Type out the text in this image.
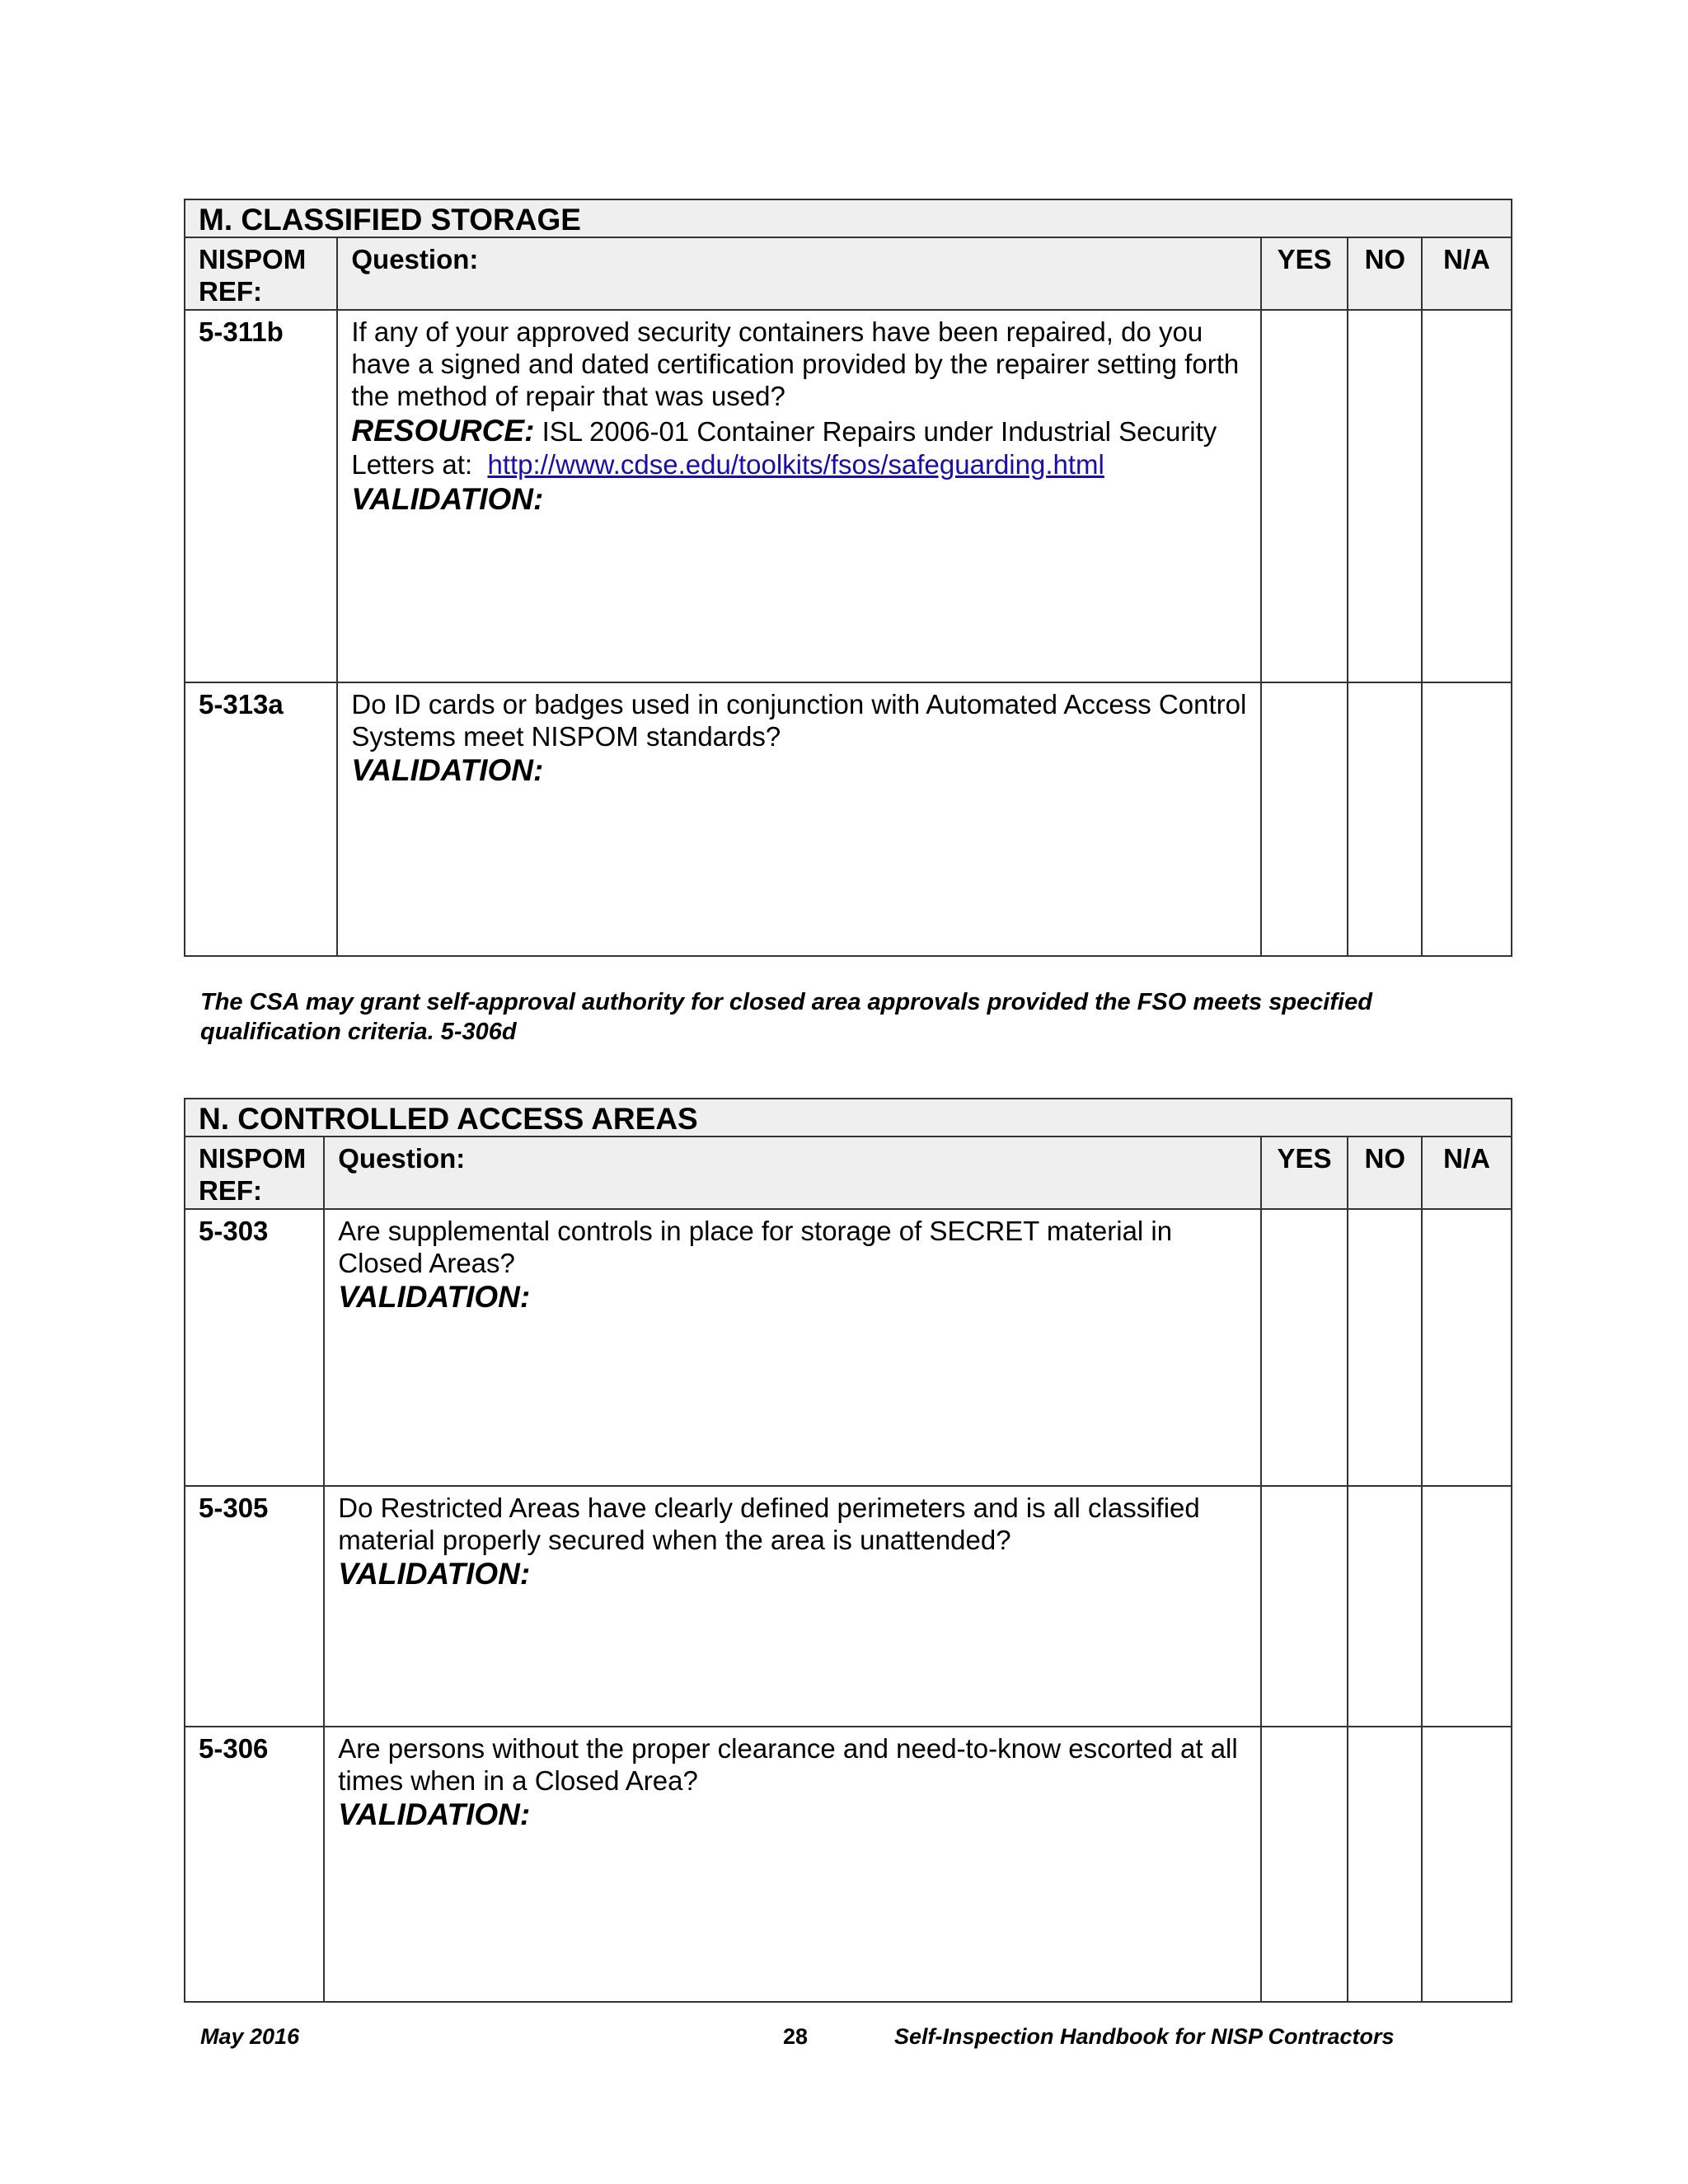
M. CLASSIFIED STORAGE				
NISPOM REF:	Question:	YES	NO	N/A
5-311b	If any of your approved security containers have been repaired, do you have a signed and dated certification provided by the repairer setting forth the method of repair that was used?
RESOURCE: ISL 2006-01 Container Repairs under Industrial Security Letters at: http://www.cdse.edu/toolkits/fsos/safeguarding.html
VALIDATION:			

5-313a	Do ID cards or badges used in conjunction with Automated Access Control Systems meet NISPOM standards?
VALIDATION:			

The CSA may grant self-approval authority for closed area approvals provided the FSO meets specified qualification criteria. 5-306d
N. CONTROLLED ACCESS AREAS				
NISPOM REF:	Question:	YES	NO	N/A
5-303	Are supplemental controls in place for storage of SECRET material in Closed Areas?
VALIDATION:			

5-305	Do Restricted Areas have clearly defined perimeters and is all classified material properly secured when the area is unattended?
VALIDATION:			

5-306	Are persons without the proper clearance and need-to-know escorted at all times when in a Closed Area?
VALIDATION:			

May 2016	28	Self-Inspection Handbook for NISP Contractors
